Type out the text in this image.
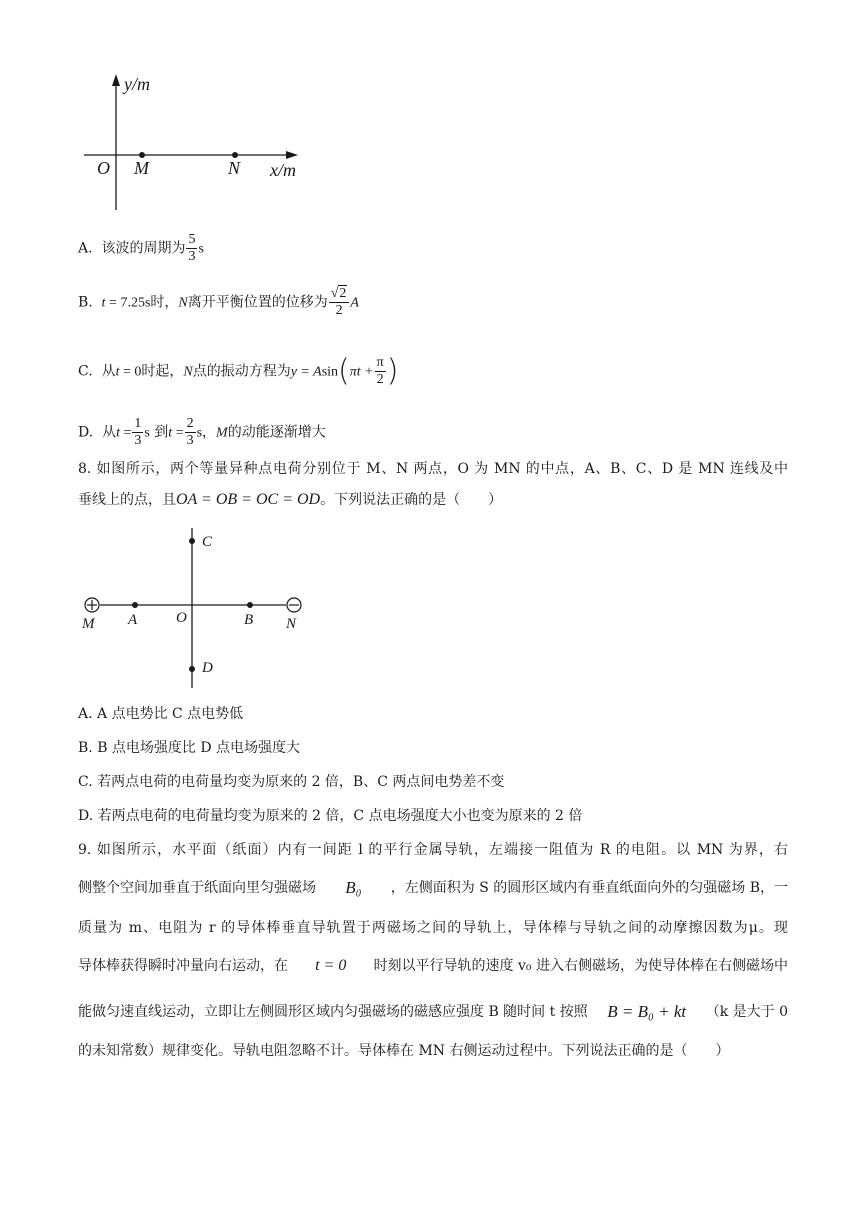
y/m
x/m
O M	N
A. 该波的周期为 $\frac{5}{3}$ s
B. t = 7.25s时，N离开平衡位置的位移为 $\frac{√2}{2}$ A
C. 从t = 0时起，N点的振动方程为$y = Asin(\pi t + \frac{\pi}{2}$ )
D. 从$t = \frac{1}{3}$ s 到$t = \frac{2}{3}$ s，M的动能逐渐增大
8. 如图所示，两个等量异种点电荷分别位于 M、N 两点，O 为 MN 的中点，A、B、C、D 是 MN 连线及中
垂线上的点，且OA = OB = OC = OD。下列说法正确的是（　　）
C
D
O
A	B
M	N
A. A 点电势比 C 点电势低
B. B 点电场强度比 D 点电场强度大
C. 若两点电荷的电荷量均变为原来的 2 倍，B、C 两点间电势差不变
D. 若两点电荷的电荷量均变为原来的 2 倍，C 点电场强度大小也变为原来的 2 倍
9. 如图所示，水平面（纸面）内有一间距 l 的平行金属导轨，左端接一阻值为 R 的电阻。以 MN 为界，右
侧整个空间加垂直于纸面向里匀强磁场 B₀ ，左侧面积为 S 的圆形区域内有垂直纸面向外的匀强磁场 B，一
质量为 m、电阻为 r 的导体棒垂直导轨置于两磁场之间的导轨上，导体棒与导轨之间的动摩擦因数为μ。现
导体棒获得瞬时冲量向右运动，在 t = 0 时刻以平行导轨的速度 v₀ 进入右侧磁场，为使导体棒在右侧磁场中
能做匀速直线运动，立即让左侧圆形区域内匀强磁场的磁感应强度 B 随时间 t 按照 B = B₀ + kt （k 是大于 0
的未知常数）规律变化。导轨电阻忽略不计。导体棒在 MN 右侧运动过程中。下列说法正确的是（　　）
